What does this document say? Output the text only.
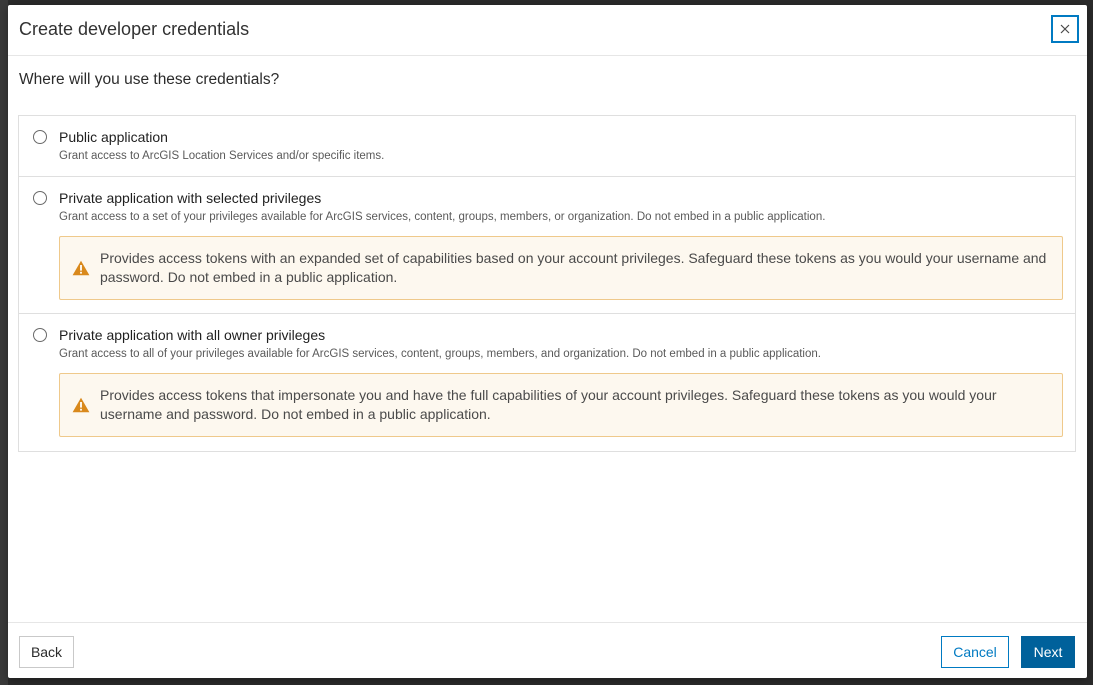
Create developer credentials
Where will you use these credentials?
Public application
Grant access to ArcGIS Location Services and/or specific items.
Private application with selected privileges
Grant access to a set of your privileges available for ArcGIS services, content, groups, members, or organization. Do not embed in a public application.
Provides access tokens with an expanded set of capabilities based on your account privileges. Safeguard these tokens as you would your username and password. Do not embed in a public application.
Private application with all owner privileges
Grant access to all of your privileges available for ArcGIS services, content, groups, members, and organization. Do not embed in a public application.
Provides access tokens that impersonate you and have the full capabilities of your account privileges. Safeguard these tokens as you would your username and password. Do not embed in a public application.
Back	Cancel	Next
